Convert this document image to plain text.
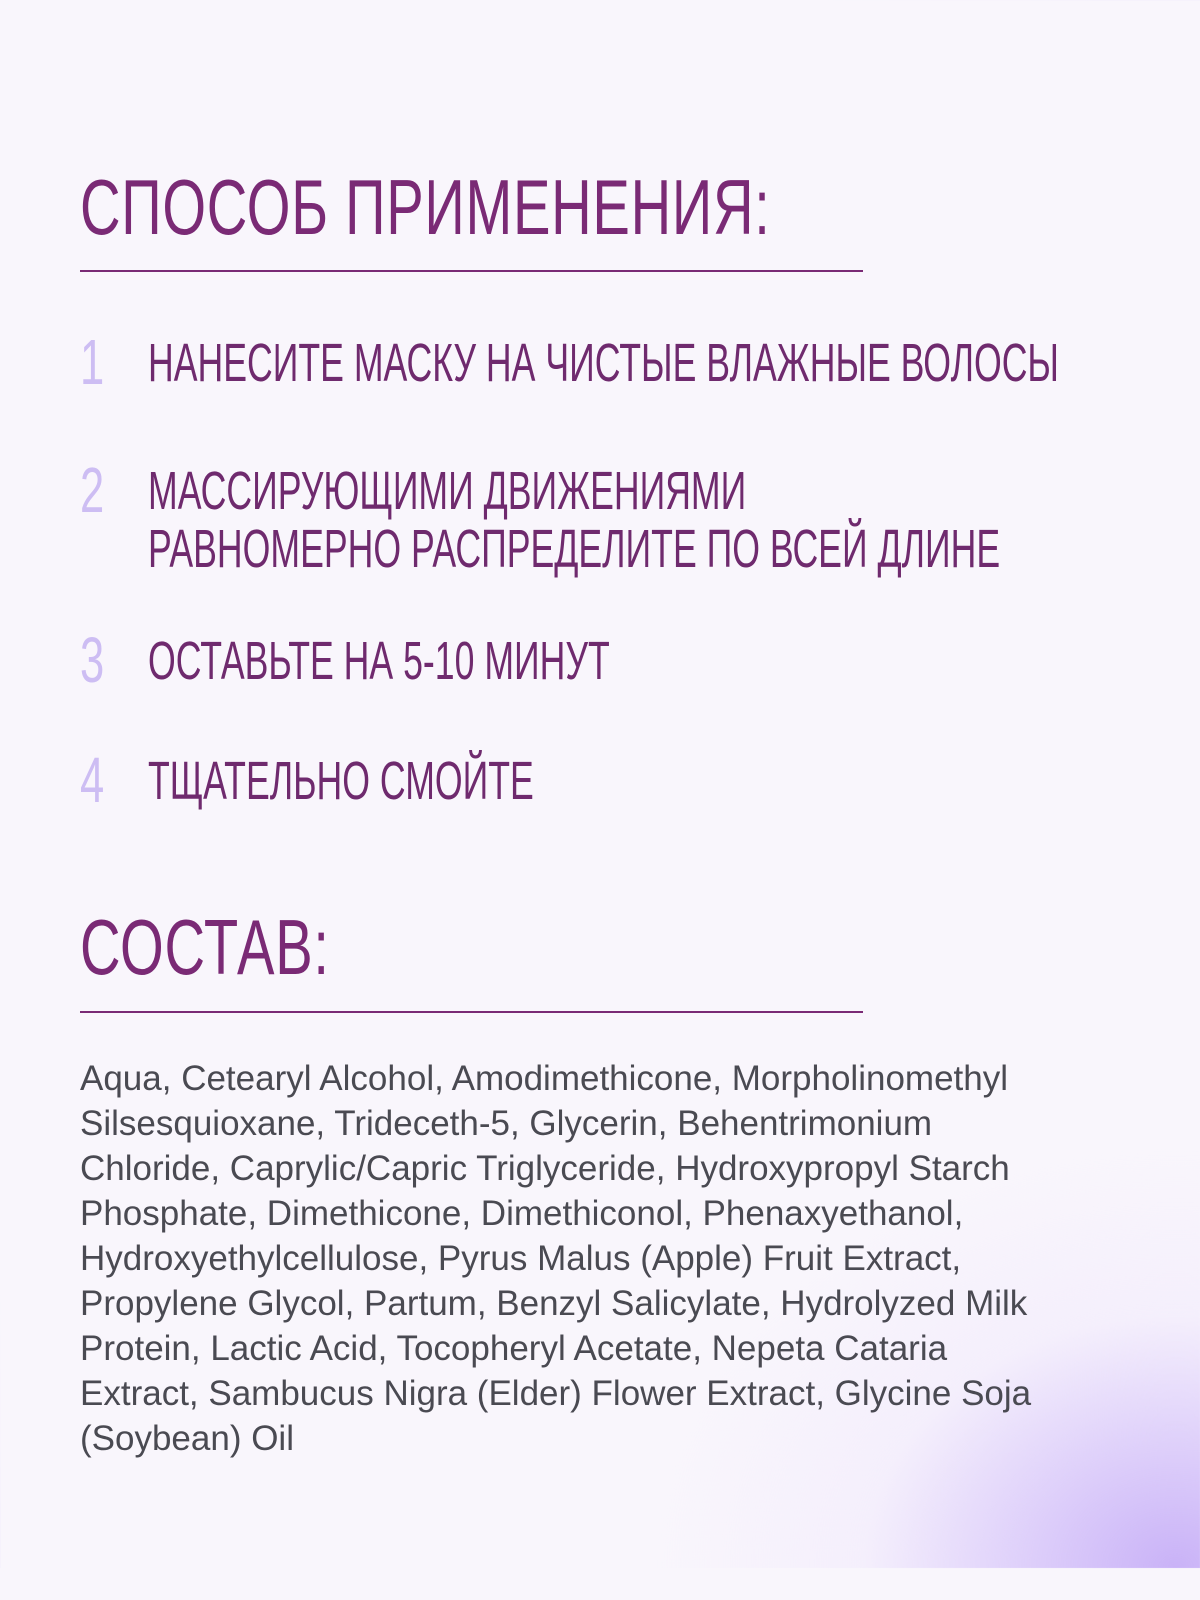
СПОСОБ ПРИМЕНЕНИЯ:
1 НАНЕСИТЕ МАСКУ НА ЧИСТЫЕ ВЛАЖНЫЕ ВОЛОСЫ
2 МАССИРУЮЩИМИ ДВИЖЕНИЯМИ
РАВНОМЕРНО РАСПРЕДЕЛИТЕ ПО ВСЕЙ ДЛИНЕ
3 ОСТАВЬТЕ НА 5-10 МИНУТ
4 ТЩАТЕЛЬНО СМОЙТЕ
СОСТАВ:

Aqua, Cetearyl Alcohol, Amodimethicone, Morpholinomethyl
Silsesquioxane, Trideceth-5, Glycerin, Behentrimonium
Chloride, Caprylic/Capric Triglyceride, Hydroxypropyl Starch
Phosphate, Dimethicone, Dimethiconol, Phenaxyethanol,
Hydroxyethylcellulose, Pyrus Malus (Apple) Fruit Extract,
Propylene Glycol, Partum, Benzyl Salicylate, Hydrolyzed Milk
Protein, Lactic Acid, Tocopheryl Acetate, Nepeta Cataria
Extract, Sambucus Nigra (Elder) Flower Extract, Glycine Soja
(Soybean) Oil
